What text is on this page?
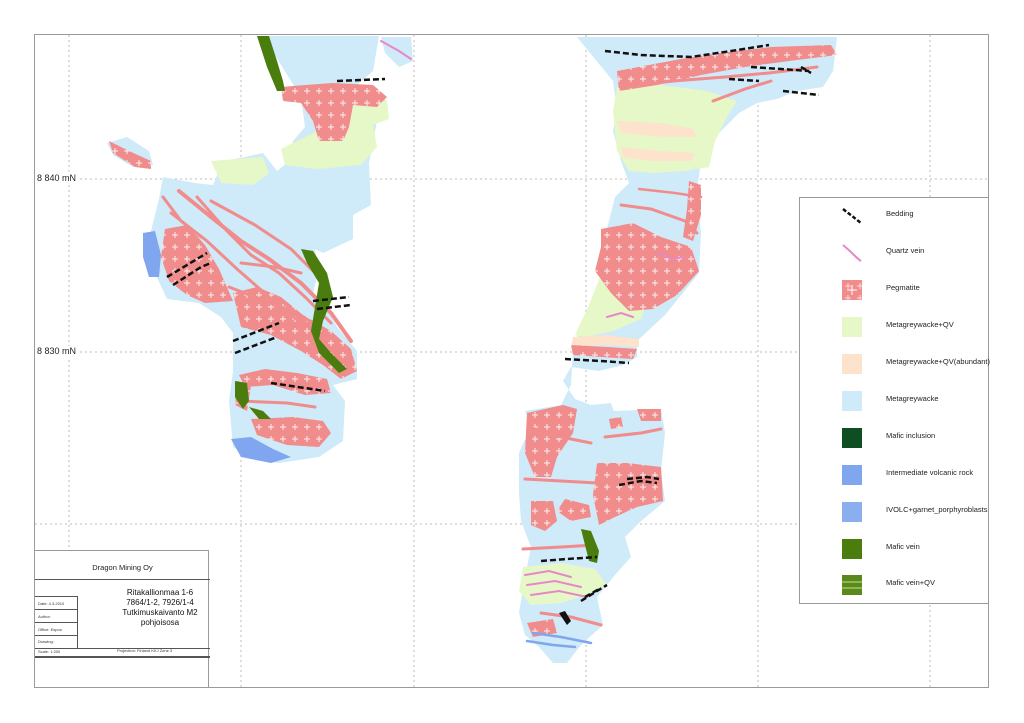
8 840 mN
8 830 mN
Bedding
Quartz vein
Pegmatite
Metagreywacke+QV
Metagreywacke+QV(abundant)
Metagreywacke
Mafic inclusion
Intermediate volcanic rock
IVOLC+garnet_porphyroblasts
Mafic vein
Mafic vein+QV
Dragon Mining Oy
Date: 4.3.2010
Author:
Office: Espoo
Drawing:
Scale: 1:200	Projection: Finland KKJ Zone 3
Ritakallionmaa 1-6
7864/1-2, 7926/1-4
Tutkimuskaivanto M2
pohjoisosa
